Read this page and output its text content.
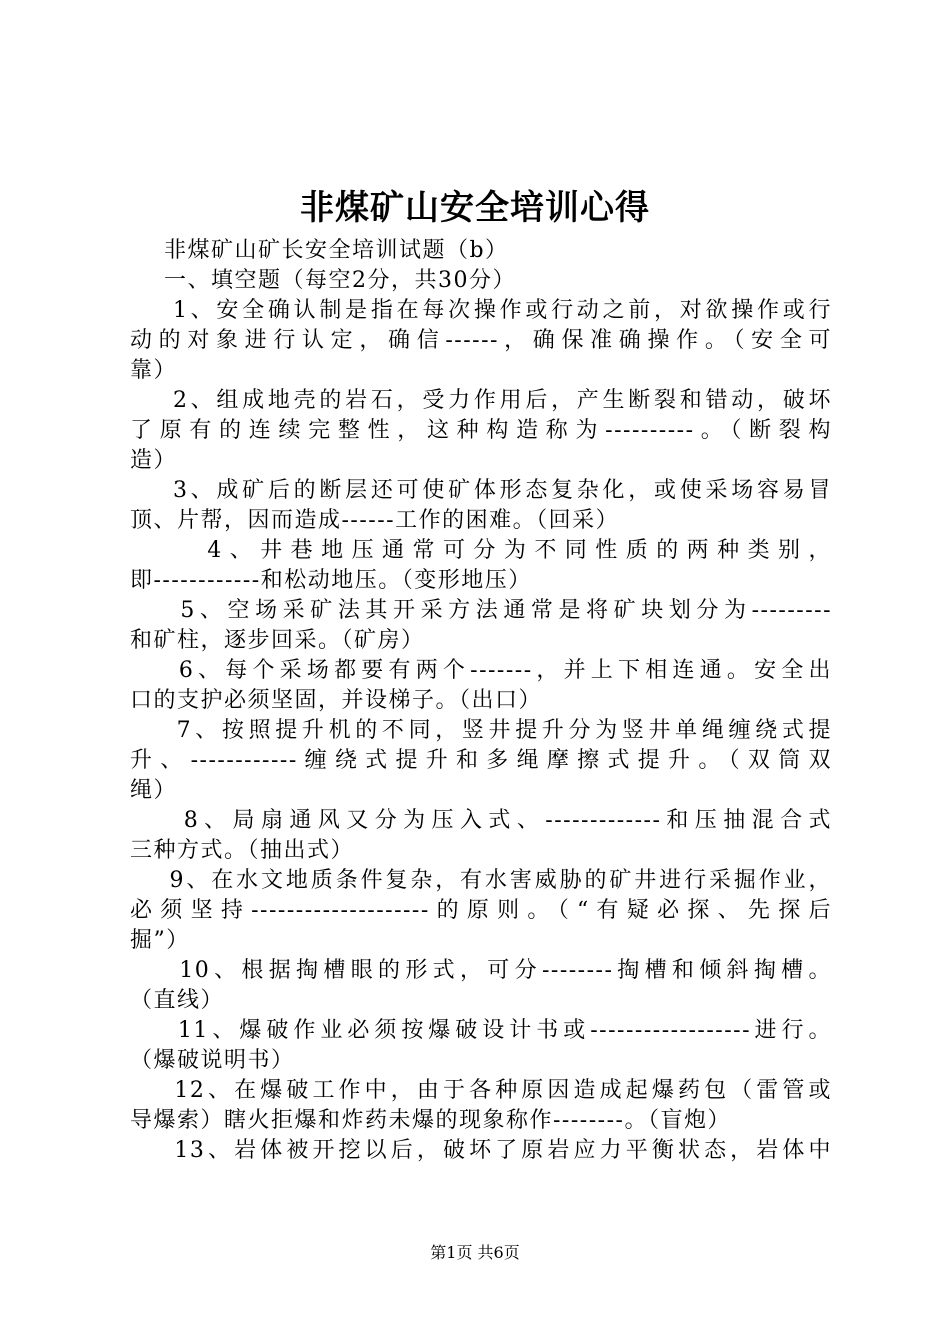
非煤矿山安全培训心得
非煤矿山矿长安全培训试题（b）
一、填空题（每空2分，共30分）
1、安全确认制是指在每次操作或行动之前，对欲操作或行
动的对象进行认定，确信------，确保准确操作。（安全可
靠）
2、组成地壳的岩石，受力作用后，产生断裂和错动，破坏
了原有的连续完整性，这种构造称为----------。（断裂构
造）
3、成矿后的断层还可使矿体形态复杂化，或使采场容易冒
顶、片帮，因而造成------工作的困难。（回采）
4、井巷地压通常可分为不同性质的两种类别，
即------------和松动地压。（变形地压）
5、空场采矿法其开采方法通常是将矿块划分为---------
和矿柱，逐步回采。（矿房）
6、每个采场都要有两个-------，并上下相连通。安全出
口的支护必须坚固，并设梯子。（出口）
7、按照提升机的不同，竖井提升分为竖井单绳缠绕式提
升、------------缠绕式提升和多绳摩擦式提升。（双筒双
绳）
8、局扇通风又分为压入式、-------------和压抽混合式
三种方式。（抽出式）
9、在水文地质条件复杂，有水害威胁的矿井进行采掘作业，
必须坚持--------------------的原则。（“有疑必探、先探后
掘”）
10、根据掏槽眼的形式，可分--------掏槽和倾斜掏槽。
（直线）
11、爆破作业必须按爆破设计书或------------------进行。
（爆破说明书）
12、在爆破工作中，由于各种原因造成起爆药包（雷管或
导爆索）瞎火拒爆和炸药未爆的现象称作--------。（盲炮）
13、岩体被开挖以后，破坏了原岩应力平衡状态，岩体中
第1页 共6页
